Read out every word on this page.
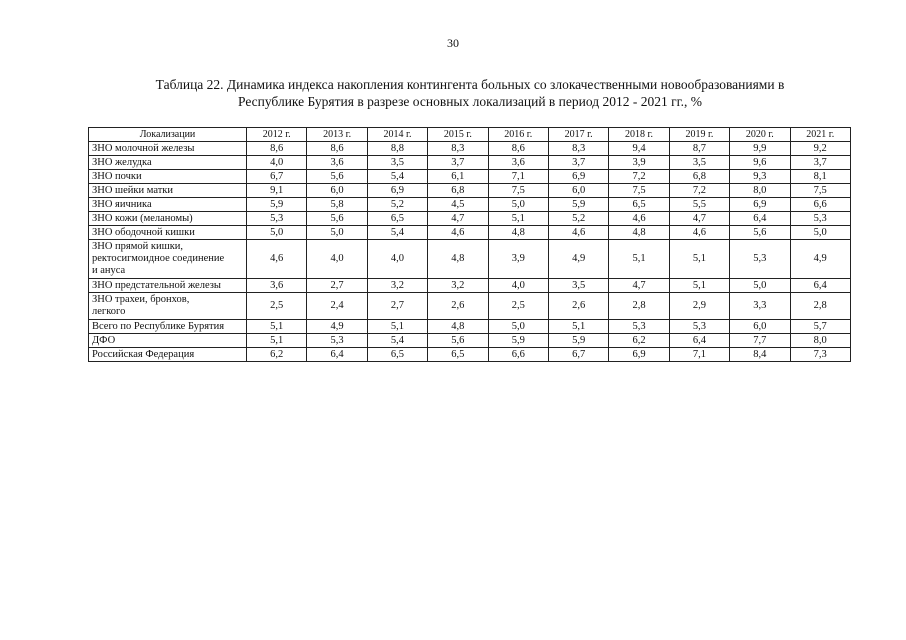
30
Таблица 22. Динамика индекса накопления контингента больных со злокачественными новообразованиями в
Республике Бурятия в разрезе основных локализаций в период 2012 - 2021 гг., %
Локализации	2012 г.	2013 г.	2014 г.	2015 г.	2016 г.	2017 г.	2018 г.	2019 г.	2020 г.	2021 г.

ЗНО молочной железы	8,6	8,6	8,8	8,3	8,6	8,3	9,4	8,7	9,9	9,2

ЗНО желудка	4,0	3,6	3,5	3,7	3,6	3,7	3,9	3,5	9,6	3,7

ЗНО почки	6,7	5,6	5,4	6,1	7,1	6,9	7,2	6,8	9,3	8,1

ЗНО шейки матки	9,1	6,0	6,9	6,8	7,5	6,0	7,5	7,2	8,0	7,5

ЗНО яичника	5,9	5,8	5,2	4,5	5,0	5,9	6,5	5,5	6,9	6,6

ЗНО кожи (меланомы)	5,3	5,6	6,5	4,7	5,1	5,2	4,6	4,7	6,4	5,3

ЗНО ободочной кишки	5,0	5,0	5,4	4,6	4,8	4,6	4,8	4,6	5,6	5,0

ЗНО прямой кишки,
ректосигмоидное соединение
и ануса	4,6	4,0	4,0	4,8	3,9	4,9	5,1	5,1	5,3	4,9

ЗНО предстательной железы	3,6	2,7	3,2	3,2	4,0	3,5	4,7	5,1	5,0	6,4

ЗНО трахеи, бронхов,
легкого	2,5	2,4	2,7	2,6	2,5	2,6	2,8	2,9	3,3	2,8

Всего по Республике Бурятия	5,1	4,9	5,1	4,8	5,0	5,1	5,3	5,3	6,0	5,7

ДФО	5,1	5,3	5,4	5,6	5,9	5,9	6,2	6,4	7,7	8,0

Российская Федерация	6,2	6,4	6,5	6,5	6,6	6,7	6,9	7,1	8,4	7,3
